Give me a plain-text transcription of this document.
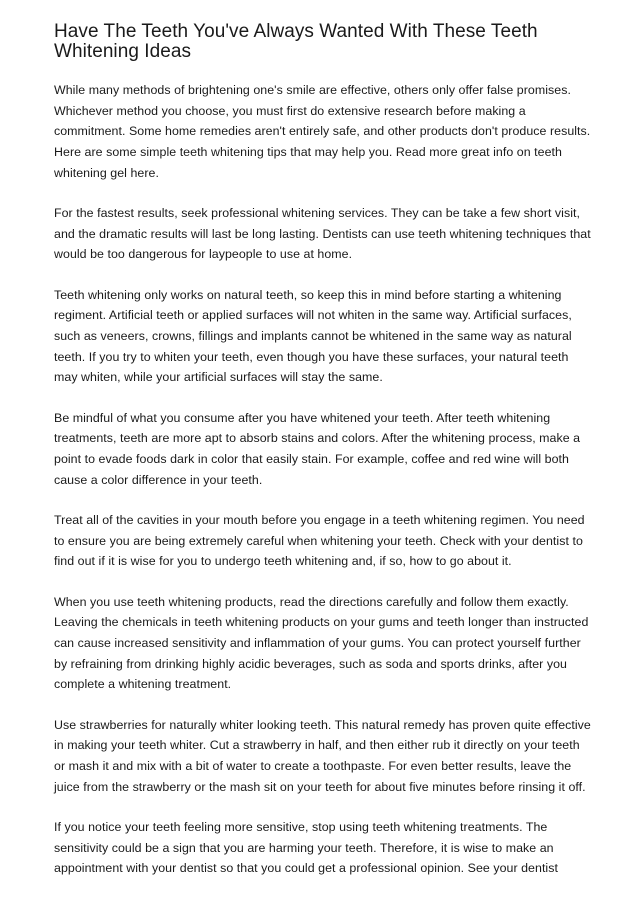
Have The Teeth You've Always Wanted With These Teeth Whitening Ideas

While many methods of brightening one's smile are effective, others only offer false promises. Whichever method you choose, you must first do extensive research before making a commitment. Some home remedies aren't entirely safe, and other products don't produce results. Here are some simple teeth whitening tips that may help you. Read more great info on teeth whitening gel here.

For the fastest results, seek professional whitening services. They can be take a few short visit, and the dramatic results will last be long lasting. Dentists can use teeth whitening techniques that would be too dangerous for laypeople to use at home.

Teeth whitening only works on natural teeth, so keep this in mind before starting a whitening regiment. Artificial teeth or applied surfaces will not whiten in the same way. Artificial surfaces, such as veneers, crowns, fillings and implants cannot be whitened in the same way as natural teeth. If you try to whiten your teeth, even though you have these surfaces, your natural teeth may whiten, while your artificial surfaces will stay the same.

Be mindful of what you consume after you have whitened your teeth. After teeth whitening treatments, teeth are more apt to absorb stains and colors. After the whitening process, make a point to evade foods dark in color that easily stain. For example, coffee and red wine will both cause a color difference in your teeth.

Treat all of the cavities in your mouth before you engage in a teeth whitening regimen. You need to ensure you are being extremely careful when whitening your teeth. Check with your dentist to find out if it is wise for you to undergo teeth whitening and, if so, how to go about it.

When you use teeth whitening products, read the directions carefully and follow them exactly. Leaving the chemicals in teeth whitening products on your gums and teeth longer than instructed can cause increased sensitivity and inflammation of your gums. You can protect yourself further by refraining from drinking highly acidic beverages, such as soda and sports drinks, after you complete a whitening treatment.

Use strawberries for naturally whiter looking teeth. This natural remedy has proven quite effective in making your teeth whiter. Cut a strawberry in half, and then either rub it directly on your teeth or mash it and mix with a bit of water to create a toothpaste. For even better results, leave the juice from the strawberry or the mash sit on your teeth for about five minutes before rinsing it off.

If you notice your teeth feeling more sensitive, stop using teeth whitening treatments. The sensitivity could be a sign that you are harming your teeth. Therefore, it is wise to make an appointment with your dentist so that you could get a professional opinion. See your dentist
